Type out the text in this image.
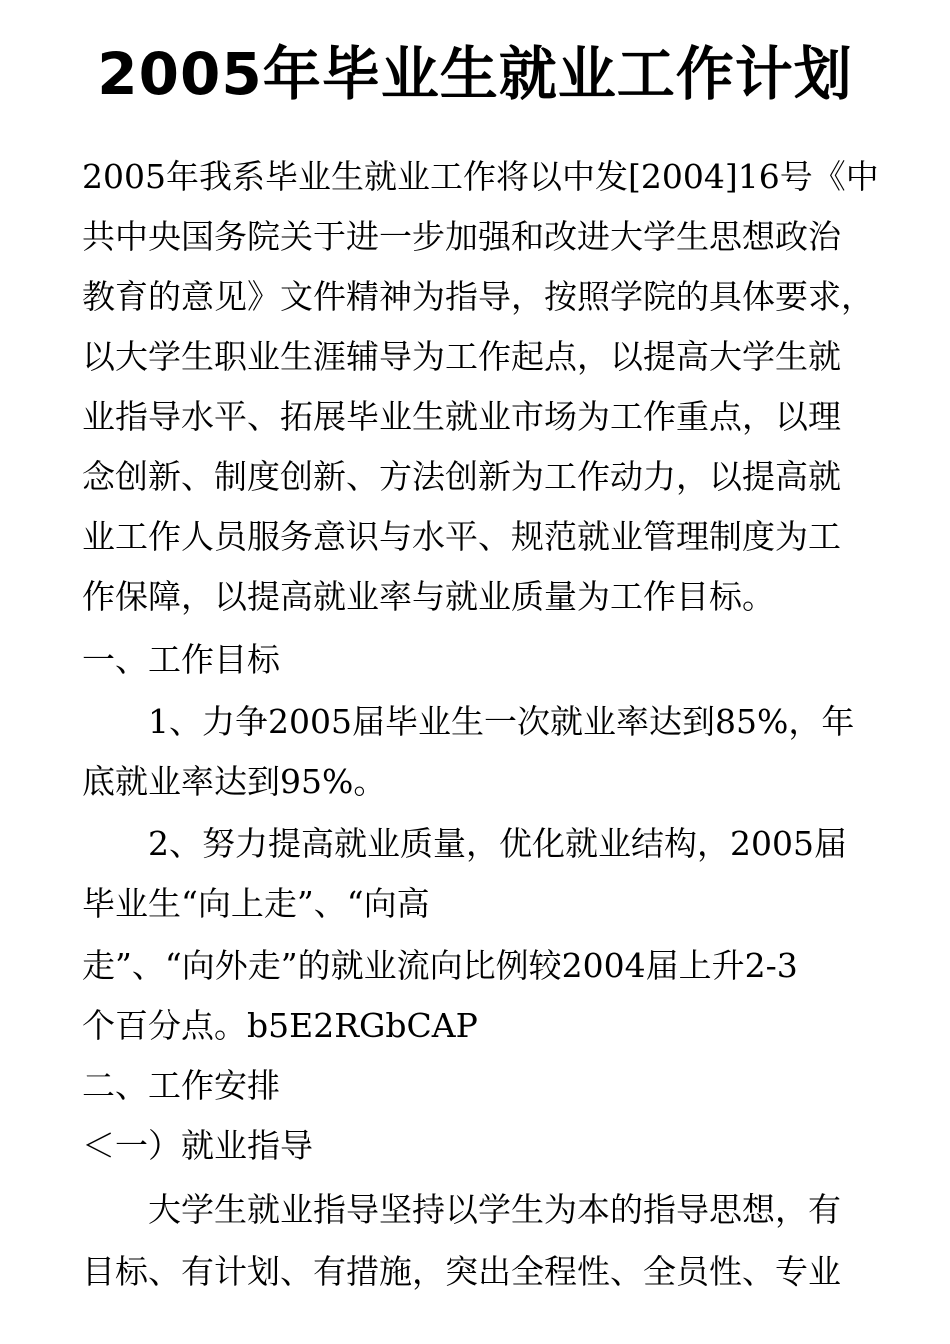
2005年毕业生就业工作计划
2005年我系毕业生就业工作将以中发[2004]16号《中
共中央国务院关于进一步加强和改进大学生思想政治
教育的意见》文件精神为指导，按照学院的具体要求，
以大学生职业生涯辅导为工作起点，以提高大学生就
业指导水平、拓展毕业生就业市场为工作重点，以理
念创新、制度创新、方法创新为工作动力，以提高就
业工作人员服务意识与水平、规范就业管理制度为工
作保障，以提高就业率与就业质量为工作目标。
一、工作目标
1、力争2005届毕业生一次就业率达到85%，年
底就业率达到95%。
2、努力提高就业质量，优化就业结构，2005届
毕业生“向上走”、“向高
走”、“向外走”的就业流向比例较2004届上升2-3
个百分点。b5E2RGbCAP
二、工作安排
＜一）就业指导
大学生就业指导坚持以学生为本的指导思想，有
目标、有计划、有措施，突出全程性、全员性、专业
